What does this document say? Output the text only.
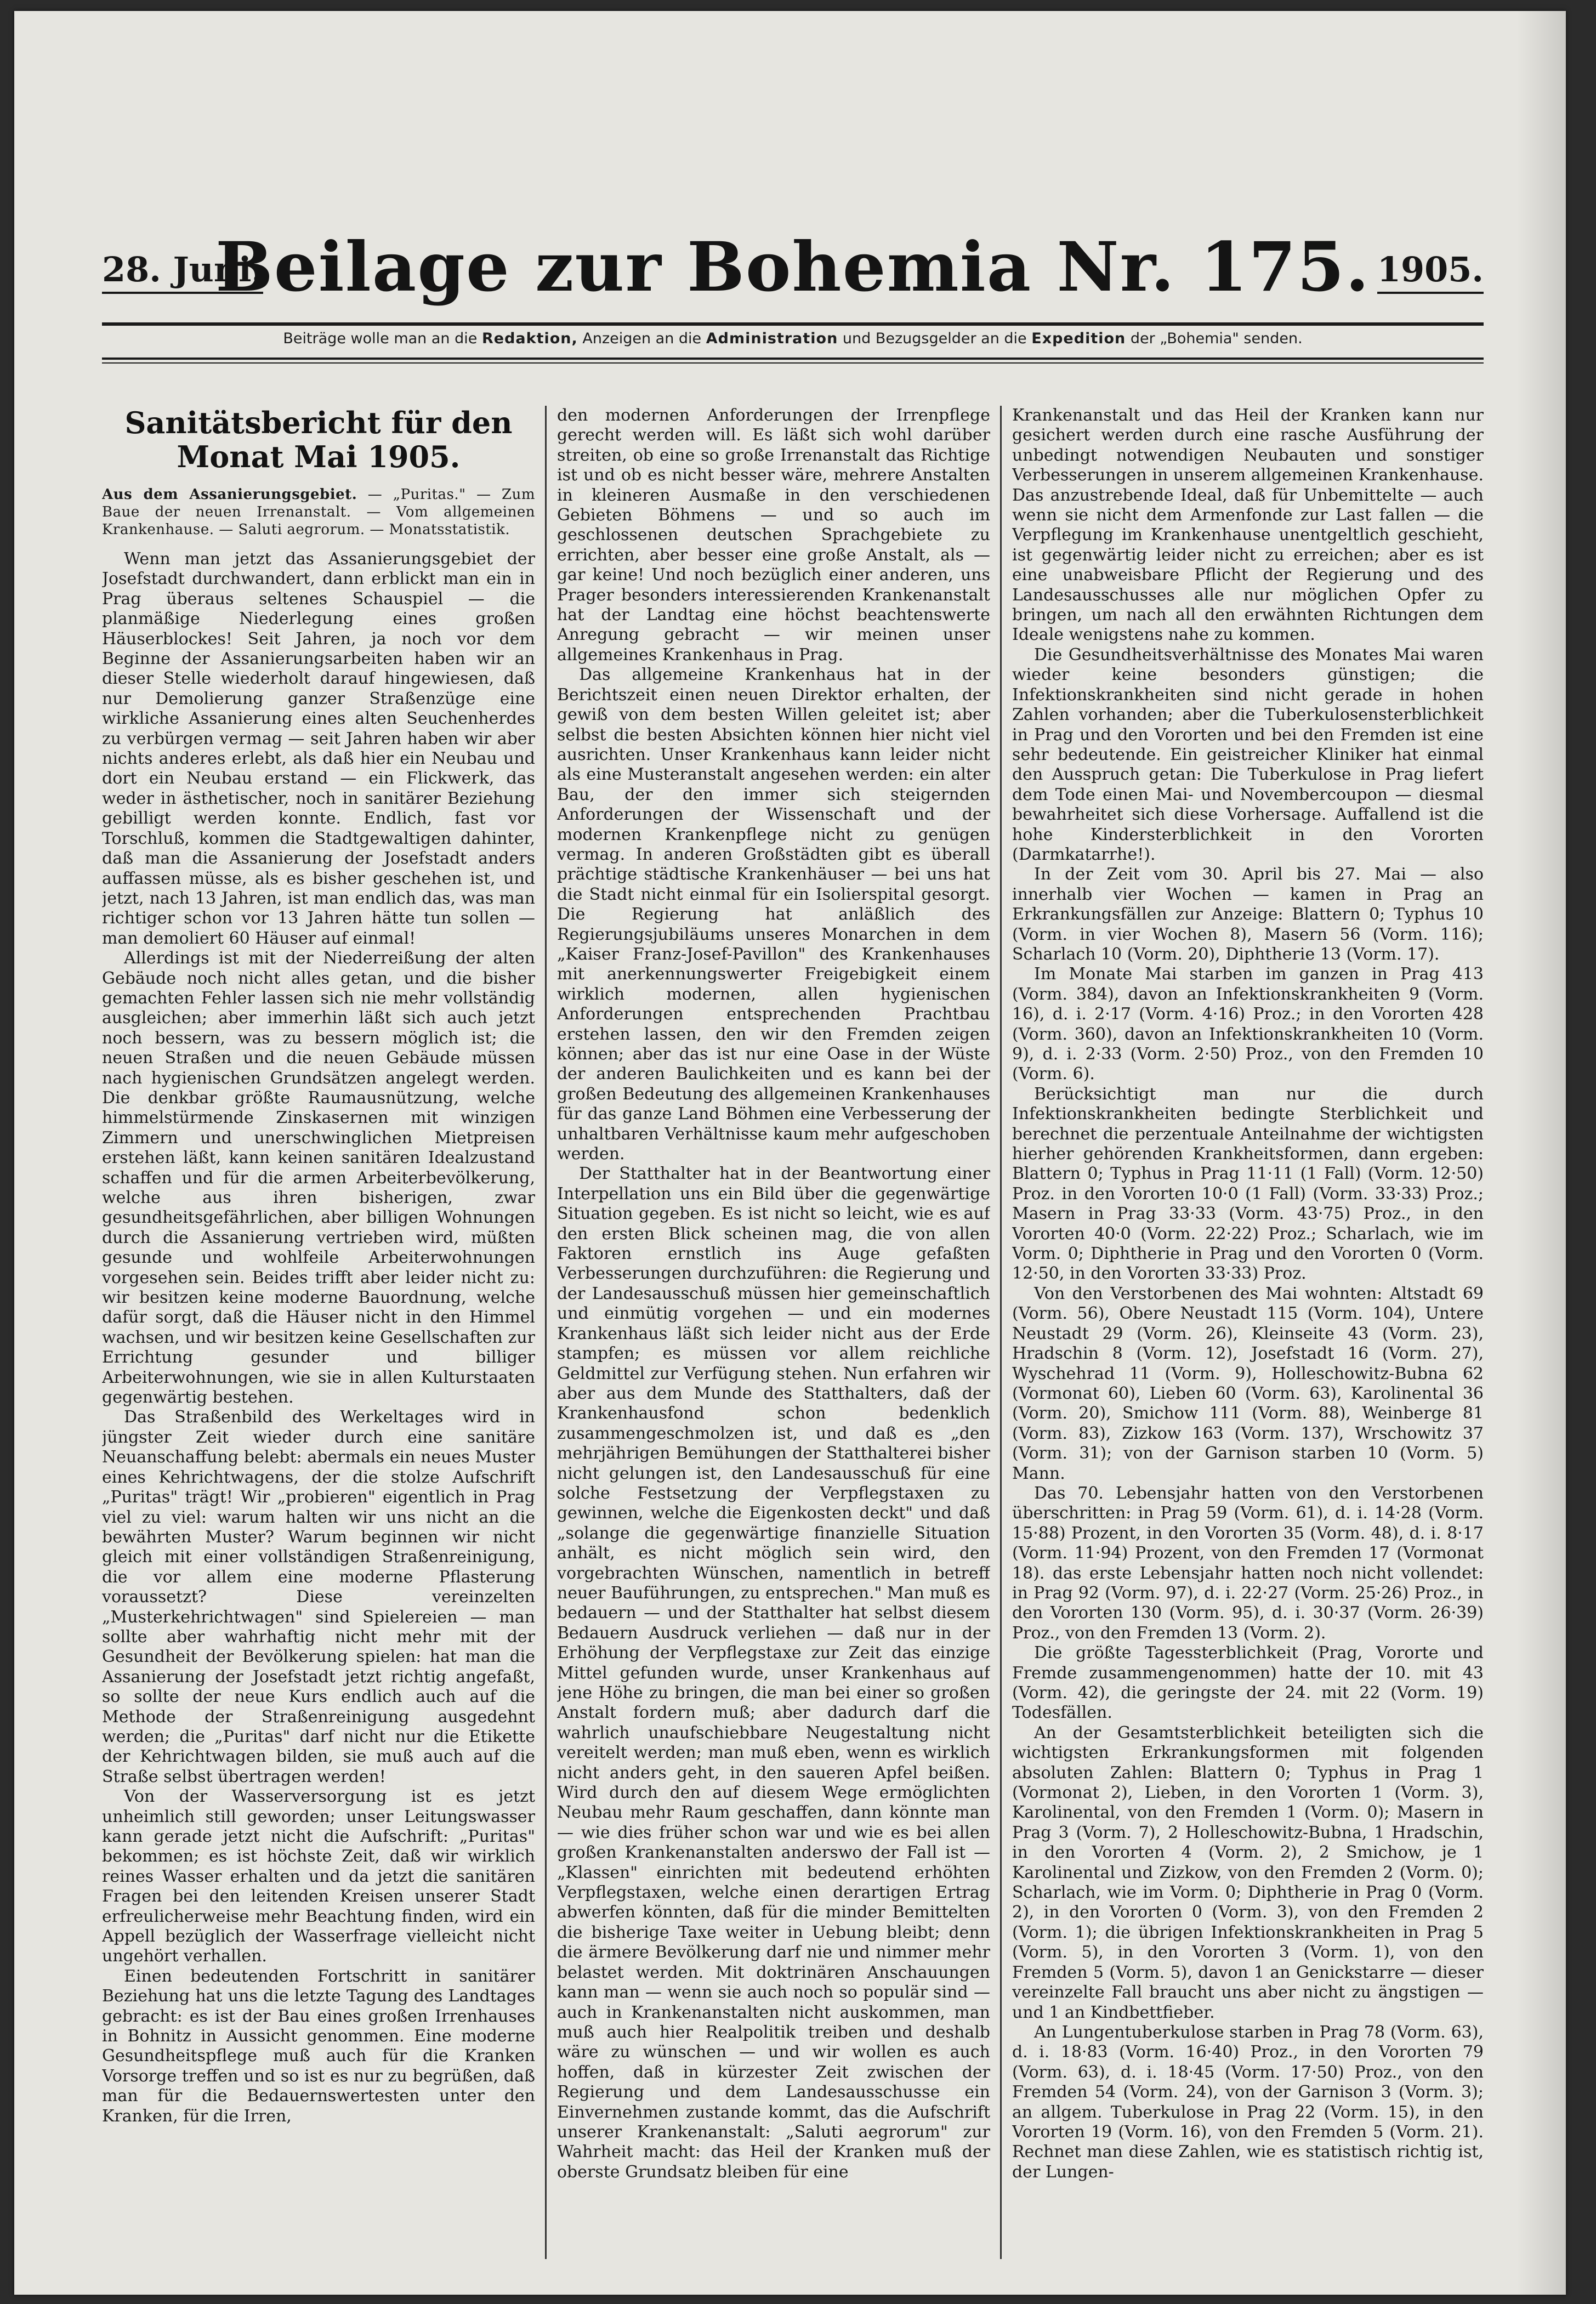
28. Juni.
Beilage zur Bohemia Nr. 175. 1905.
Beiträge wolle man an die Redaktion, Anzeigen an die Administration und Bezugsgelder an die Expedition der „Bohemia" senden.
Sanitätsbericht für den Monat Mai 1905.
Aus dem Assanierungsgebiet. — „Puritas." — Zum Baue der neuen Irrenanstalt. — Vom allgemeinen Krankenhause. — Saluti aegrorum. — Monatsstatistik.

Wenn man jetzt das Assanierungsgebiet der Josefstadt durchwandert, dann erblickt man ein in Prag überaus seltenes Schauspiel — die planmäßige Niederlegung eines großen Häuserblockes! Seit Jahren, ja noch vor dem Beginne der Assanierungsarbeiten haben wir an dieser Stelle wiederholt darauf hingewiesen, daß nur Demolierung ganzer Straßenzüge eine wirkliche Assanierung eines alten Seuchenherdes zu verbürgen vermag — seit Jahren haben wir aber nichts anderes erlebt, als daß hier ein Neubau und dort ein Neubau erstand — ein Flickwerk, das weder in ästhetischer, noch in sanitärer Beziehung gebilligt werden konnte. Endlich, fast vor Torschluß, kommen die Stadtgewaltigen dahinter, daß man die Assanierung der Josefstadt anders auffassen müsse, als es bisher geschehen ist, und jetzt, nach 13 Jahren, ist man endlich das, was man richtiger schon vor 13 Jahren hätte tun sollen — man demoliert 60 Häuser auf einmal!

Allerdings ist mit der Niederreißung der alten Gebäude noch nicht alles getan, und die bisher gemachten Fehler lassen sich nie mehr vollständig ausgleichen; aber immerhin läßt sich auch jetzt noch bessern, was zu bessern möglich ist; die neuen Straßen und die neuen Gebäude müssen nach hygienischen Grundsätzen angelegt werden. Die denkbar größte Raumausnützung, welche himmelstürmende Zinskasernen mit winzigen Zimmern und unerschwinglichen Mietpreisen erstehen läßt, kann keinen sanitären Idealzustand schaffen und für die armen Arbeiterbevölkerung, welche aus ihren bisherigen, zwar gesundheitsgefährlichen, aber billigen Wohnungen durch die Assanierung vertrieben wird, müßten gesunde und wohlfeile Arbeiterwohnungen vorgesehen sein. Beides trifft aber leider nicht zu: wir besitzen keine moderne Bauordnung, welche dafür sorgt, daß die Häuser nicht in den Himmel wachsen, und wir besitzen keine Gesellschaften zur Errichtung gesunder und billiger Arbeiterwohnungen, wie sie in allen Kulturstaaten gegenwärtig bestehen.

Das Straßenbild des Werkeltages wird in jüngster Zeit wieder durch eine sanitäre Neuanschaffung belebt: abermals ein neues Muster eines Kehrichtwagens, der die stolze Aufschrift „Puritas" trägt! Wir „probieren" eigentlich in Prag viel zu viel: warum halten wir uns nicht an die bewährten Muster? Warum beginnen wir nicht gleich mit einer vollständigen Straßenreinigung, die vor allem eine moderne Pflasterung voraussetzt? Diese vereinzelten „Musterkehrichtwagen" sind Spielereien — man sollte aber wahrhaftig nicht mehr mit der Gesundheit der Bevölkerung spielen: hat man die Assanierung der Josefstadt jetzt richtig angefaßt, so sollte der neue Kurs endlich auch auf die Methode der Straßenreinigung ausgedehnt werden; die „Puritas" darf nicht nur die Etikette der Kehrichtwagen bilden, sie muß auch auf die Straße selbst übertragen werden!

Von der Wasserversorgung ist es jetzt unheimlich still geworden; unser Leitungswasser kann gerade jetzt nicht die Aufschrift: „Puritas" bekommen; es ist höchste Zeit, daß wir wirklich reines Wasser erhalten und da jetzt die sanitären Fragen bei den leitenden Kreisen unserer Stadt erfreulicherweise mehr Beachtung finden, wird ein Appell bezüglich der Wasserfrage vielleicht nicht ungehört verhallen.

Einen bedeutenden Fortschritt in sanitärer Beziehung hat uns die letzte Tagung des Landtages gebracht: es ist der Bau eines großen Irrenhauses in Bohnitz in Aussicht genommen. Eine moderne Gesundheitspflege muß auch für die Kranken Vorsorge treffen und so ist es nur zu begrüßen, daß man für die Bedauernswertesten unter den Kranken, für die Irren,

den modernen Anforderungen der Irrenpflege gerecht werden will. Es läßt sich wohl darüber streiten, ob eine so große Irrenanstalt das Richtige ist und ob es nicht besser wäre, mehrere Anstalten in kleineren Ausmaße in den verschiedenen Gebieten Böhmens — und so auch im geschlossenen deutschen Sprachgebiete zu errichten, aber besser eine große Anstalt, als — gar keine! Und noch bezüglich einer anderen, uns Prager besonders interessierenden Krankenanstalt hat der Landtag eine höchst beachtenswerte Anregung gebracht — wir meinen unser allgemeines Krankenhaus in Prag.

Das allgemeine Krankenhaus hat in der Berichtszeit einen neuen Direktor erhalten, der gewiß von dem besten Willen geleitet ist; aber selbst die besten Absichten können hier nicht viel ausrichten. Unser Krankenhaus kann leider nicht als eine Musteranstalt angesehen werden: ein alter Bau, der den immer sich steigernden Anforderungen der Wissenschaft und der modernen Krankenpflege nicht zu genügen vermag. In anderen Großstädten gibt es überall prächtige städtische Krankenhäuser — bei uns hat die Stadt nicht einmal für ein Isolierspital gesorgt. Die Regierung hat anläßlich des Regierungsjubiläums unseres Monarchen in dem „Kaiser Franz-Josef-Pavillon" des Krankenhauses mit anerkennungswerter Freigebigkeit einem wirklich modernen, allen hygienischen Anforderungen entsprechenden Prachtbau erstehen lassen, den wir den Fremden zeigen können; aber das ist nur eine Oase in der Wüste der anderen Baulichkeiten und es kann bei der großen Bedeutung des allgemeinen Krankenhauses für das ganze Land Böhmen eine Verbesserung der unhaltbaren Verhältnisse kaum mehr aufgeschoben werden.

Der Statthalter hat in der Beantwortung einer Interpellation uns ein Bild über die gegenwärtige Situation gegeben. Es ist nicht so leicht, wie es auf den ersten Blick scheinen mag, die von allen Faktoren ernstlich ins Auge gefaßten Verbesserungen durchzuführen: die Regierung und der Landesausschuß müssen hier gemeinschaftlich und einmütig vorgehen — und ein modernes Krankenhaus läßt sich leider nicht aus der Erde stampfen; es müssen vor allem reichliche Geldmittel zur Verfügung stehen. Nun erfahren wir aber aus dem Munde des Statthalters, daß der Krankenhausfond schon bedenklich zusammengeschmolzen ist, und daß es „den mehrjährigen Bemühungen der Statthalterei bisher nicht gelungen ist, den Landesausschuß für eine solche Festsetzung der Verpflegstaxen zu gewinnen, welche die Eigenkosten deckt" und daß „solange die gegenwärtige finanzielle Situation anhält, es nicht möglich sein wird, den vorgebrachten Wünschen, namentlich in betreff neuer Bauführungen, zu entsprechen." Man muß es bedauern — und der Statthalter hat selbst diesem Bedauern Ausdruck verliehen — daß nur in der Erhöhung der Verpflegstaxe zur Zeit das einzige Mittel gefunden wurde, unser Krankenhaus auf jene Höhe zu bringen, die man bei einer so großen Anstalt fordern muß; aber dadurch darf die wahrlich unaufschiebbare Neugestaltung nicht vereitelt werden; man muß eben, wenn es wirklich nicht anders geht, in den saueren Apfel beißen. Wird durch den auf diesem Wege ermöglichten Neubau mehr Raum geschaffen, dann könnte man — wie dies früher schon war und wie es bei allen großen Krankenanstalten anderswo der Fall ist — „Klassen" einrichten mit bedeutend erhöhten Verpflegstaxen, welche einen derartigen Ertrag abwerfen könnten, daß für die minder Bemittelten die bisherige Taxe weiter in Uebung bleibt; denn die ärmere Bevölkerung darf nie und nimmer mehr belastet werden. Mit doktrinären Anschauungen kann man — wenn sie auch noch so populär sind — auch in Krankenanstalten nicht auskommen, man muß auch hier Realpolitik treiben und deshalb wäre zu wünschen — und wir wollen es auch hoffen, daß in kürzester Zeit zwischen der Regierung und dem Landesausschusse ein Einvernehmen zustande kommt, das die Aufschrift unserer Krankenanstalt: „Saluti aegrorum" zur Wahrheit macht: das Heil der Kranken muß der oberste Grundsatz bleiben für eine

Krankenanstalt und das Heil der Kranken kann nur gesichert werden durch eine rasche Ausführung der unbedingt notwendigen Neubauten und sonstiger Verbesserungen in unserem allgemeinen Krankenhause. Das anzustrebende Ideal, daß für Unbemittelte — auch wenn sie nicht dem Armenfonde zur Last fallen — die Verpflegung im Krankenhause unentgeltlich geschieht, ist gegenwärtig leider nicht zu erreichen; aber es ist eine unabweisbare Pflicht der Regierung und des Landesausschusses alle nur möglichen Opfer zu bringen, um nach all den erwähnten Richtungen dem Ideale wenigstens nahe zu kommen.

Die Gesundheitsverhältnisse des Monates Mai waren wieder keine besonders günstigen; die Infektionskrankheiten sind nicht gerade in hohen Zahlen vorhanden; aber die Tuberkulosensterblichkeit in Prag und den Vororten und bei den Fremden ist eine sehr bedeutende. Ein geistreicher Kliniker hat einmal den Ausspruch getan: Die Tuberkulose in Prag liefert dem Tode einen Mai- und Novembercoupon — diesmal bewahrheitet sich diese Vorhersage. Auffallend ist die hohe Kindersterblichkeit in den Vororten (Darmkatarrhe!).

In der Zeit vom 30. April bis 27. Mai — also innerhalb vier Wochen — kamen in Prag an Erkrankungsfällen zur Anzeige: Blattern 0; Typhus 10 (Vorm. in vier Wochen 8), Masern 56 (Vorm. 116); Scharlach 10 (Vorm. 20), Diphtherie 13 (Vorm. 17).

Im Monate Mai starben im ganzen in Prag 413 (Vorm. 384), davon an Infektionskrankheiten 9 (Vorm. 16), d. i. 2·17 (Vorm. 4·16) Proz.; in den Vororten 428 (Vorm. 360), davon an Infektionskrankheiten 10 (Vorm. 9), d. i. 2·33 (Vorm. 2·50) Proz., von den Fremden 10 (Vorm. 6).

Berücksichtigt man nur die durch Infektionskrankheiten bedingte Sterblichkeit und berechnet die perzentuale Anteilnahme der wichtigsten hierher gehörenden Krankheitsformen, dann ergeben: Blattern 0; Typhus in Prag 11·11 (1 Fall) (Vorm. 12·50) Proz. in den Vororten 10·0 (1 Fall) (Vorm. 33·33) Proz.; Masern in Prag 33·33 (Vorm. 43·75) Proz., in den Vororten 40·0 (Vorm. 22·22) Proz.; Scharlach, wie im Vorm. 0; Diphtherie in Prag und den Vororten 0 (Vorm. 12·50, in den Vororten 33·33) Proz.

Von den Verstorbenen des Mai wohnten: Altstadt 69 (Vorm. 56), Obere Neustadt 115 (Vorm. 104), Untere Neustadt 29 (Vorm. 26), Kleinseite 43 (Vorm. 23), Hradschin 8 (Vorm. 12), Josefstadt 16 (Vorm. 27), Wyschehrad 11 (Vorm. 9), Holleschowitz-Bubna 62 (Vormonat 60), Lieben 60 (Vorm. 63), Karolinental 36 (Vorm. 20), Smichow 111 (Vorm. 88), Weinberge 81 (Vorm. 83), Zizkow 163 (Vorm. 137), Wrschowitz 37 (Vorm. 31); von der Garnison starben 10 (Vorm. 5) Mann.

Das 70. Lebensjahr hatten von den Verstorbenen überschritten: in Prag 59 (Vorm. 61), d. i. 14·28 (Vorm. 15·88) Prozent, in den Vororten 35 (Vorm. 48), d. i. 8·17 (Vorm. 11·94) Prozent, von den Fremden 17 (Vormonat 18). das erste Lebensjahr hatten noch nicht vollendet: in Prag 92 (Vorm. 97), d. i. 22·27 (Vorm. 25·26) Proz., in den Vororten 130 (Vorm. 95), d. i. 30·37 (Vorm. 26·39) Proz., von den Fremden 13 (Vorm. 2).

Die größte Tagessterblichkeit (Prag, Vororte und Fremde zusammengenommen) hatte der 10. mit 43 (Vorm. 42), die geringste der 24. mit 22 (Vorm. 19) Todesfällen.

An der Gesamtsterblichkeit beteiligten sich die wichtigsten Erkrankungsformen mit folgenden absoluten Zahlen: Blattern 0; Typhus in Prag 1 (Vormonat 2), Lieben, in den Vororten 1 (Vorm. 3), Karolinental, von den Fremden 1 (Vorm. 0); Masern in Prag 3 (Vorm. 7), 2 Holleschowitz-Bubna, 1 Hradschin, in den Vororten 4 (Vorm. 2), 2 Smichow, je 1 Karolinental und Zizkow, von den Fremden 2 (Vorm. 0); Scharlach, wie im Vorm. 0; Diphtherie in Prag 0 (Vorm. 2), in den Vororten 0 (Vorm. 3), von den Fremden 2 (Vorm. 1); die übrigen Infektionskrankheiten in Prag 5 (Vorm. 5), in den Vororten 3 (Vorm. 1), von den Fremden 5 (Vorm. 5), davon 1 an Genickstarre — dieser vereinzelte Fall braucht uns aber nicht zu ängstigen — und 1 an Kindbettfieber.

An Lungentuberkulose starben in Prag 78 (Vorm. 63), d. i. 18·83 (Vorm. 16·40) Proz., in den Vororten 79 (Vorm. 63), d. i. 18·45 (Vorm. 17·50) Proz., von den Fremden 54 (Vorm. 24), von der Garnison 3 (Vorm. 3); an allgem. Tuberkulose in Prag 22 (Vorm. 15), in den Vororten 19 (Vorm. 16), von den Fremden 5 (Vorm. 21). Rechnet man diese Zahlen, wie es statistisch richtig ist, der Lungen-
